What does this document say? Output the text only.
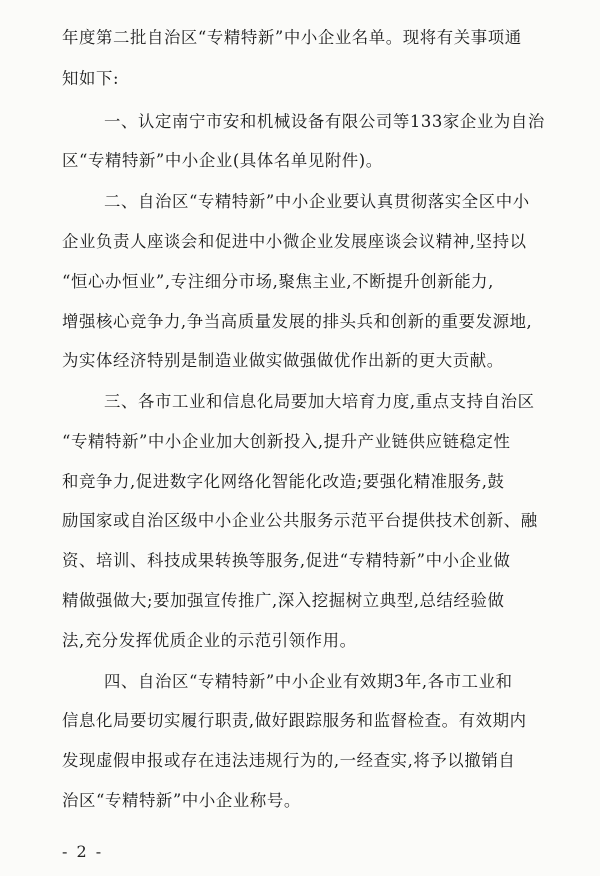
年度第二批自治区“专精特新”中小企业名单。现将有关事项通
知如下:
一、认定南宁市安和机械设备有限公司等133家企业为自治
区“专精特新”中小企业(具体名单见附件)。
二、自治区“专精特新”中小企业要认真贯彻落实全区中小
企业负责人座谈会和促进中小微企业发展座谈会议精神,坚持以
“恒心办恒业”,专注细分市场,聚焦主业,不断提升创新能力,
增强核心竞争力,争当高质量发展的排头兵和创新的重要发源地,
为实体经济特别是制造业做实做强做优作出新的更大贡献。
三、各市工业和信息化局要加大培育力度,重点支持自治区
“专精特新”中小企业加大创新投入,提升产业链供应链稳定性
和竞争力,促进数字化网络化智能化改造;要强化精准服务,鼓
励国家或自治区级中小企业公共服务示范平台提供技术创新、融
资、培训、科技成果转换等服务,促进“专精特新”中小企业做
精做强做大;要加强宣传推广,深入挖掘树立典型,总结经验做
法,充分发挥优质企业的示范引领作用。
四、自治区“专精特新”中小企业有效期3年,各市工业和
信息化局要切实履行职责,做好跟踪服务和监督检查。有效期内
发现虚假申报或存在违法违规行为的,一经查实,将予以撤销自
治区“专精特新”中小企业称号。
- 2 -
